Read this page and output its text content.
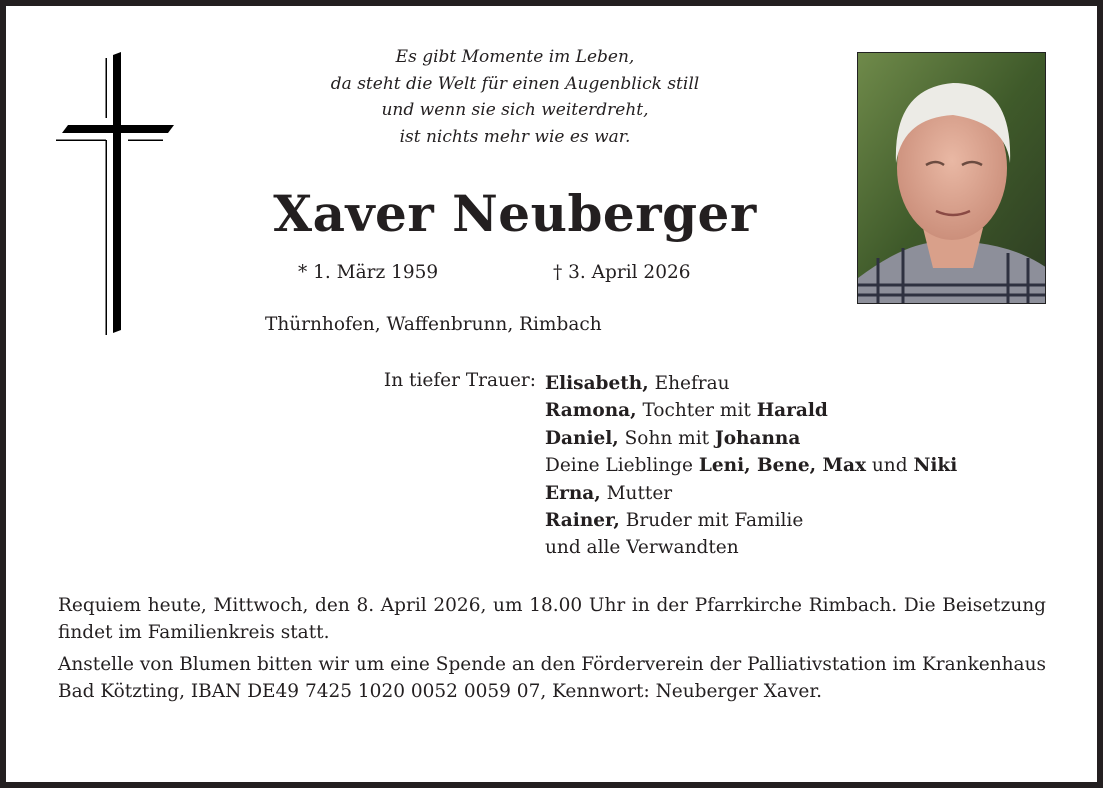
Es gibt Momente im Leben,
da steht die Welt für einen Augenblick still
und wenn sie sich weiterdreht,
ist nichts mehr wie es war.
Xaver Neuberger
* 1. März 1959	† 3. April 2026
Thürnhofen, Waffenbrunn, Rimbach
In tiefer Trauer: Elisabeth, Ehefrau
Ramona, Tochter mit Harald
Daniel, Sohn mit Johanna
Deine Lieblinge Leni, Bene, Max und Niki
Erna, Mutter
Rainer, Bruder mit Familie
und alle Verwandten
Requiem heute, Mittwoch, den 8. April 2026, um 18.00 Uhr in der Pfarrkirche Rimbach. Die Beisetzung findet im Familienkreis statt.
Anstelle von Blumen bitten wir um eine Spende an den Förderverein der Palliativstation im Krankenhaus Bad Kötzting, IBAN DE49 7425 1020 0052 0059 07, Kennwort: Neuberger Xaver.
